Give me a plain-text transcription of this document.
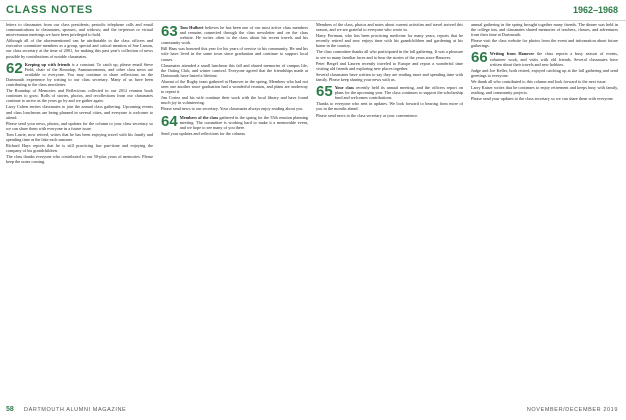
CLASS NOTES	1962–1968

letters to classmates from our class presidents; periodic telephone calls and email communications to classmates, spouses, and widows; and the in-person or virtual mini-reunion meetings we have been privileged to hold.

Although all of the aforementioned can be attributable to the class officers and executive committee members as a group, special and critical mention of Sue Larson, our class secretary at the time of 2001, for making this past year's collection of news possible by contributions of notable classmates.

62 Keeping up with friends is a constant. To catch up, please email Steve Field, chair of the Roundup, Announcements, and other class news are available to everyone. You may continue to share reflections on the Dartmouth experience by writing to our class secretary. Many of us have been contributing to the class newsletter.

The Roundup of Memories and Reflections collected in our 2012 reunion book continues to grow. Rolls of stories, photos, and recollections from our classmates continue to arrive as the years go by and we gather again.

Larry Cohen invites classmates to join the annual class gathering. Upcoming events and class luncheons are being planned in several cities, and everyone is welcome to attend.

Please send your news, photos, and updates for the column to your class secretary so we can share them with everyone in a future issue.

Tom Lawie, now retired, writes that he has been enjoying travel with his family and spending time at the lake each summer.

Richard Hays reports that he is still practicing law part-time and enjoying the company of his grandchildren.

The class thanks everyone who contributed to our 50-plus years of memories. Please keep the notes coming.

63 Tom Hulbert believes he has been one of our most active class members and remains connected through the class newsletter and on the class website. He writes often to the class about his recent travels and his community work.

Bill Haas was honored this year for his years of service to his community. He and his wife have lived in the same town since graduation and continue to support local causes.

Classmates attended a small luncheon this fall and shared memories of campus life, the Outing Club, and winter carnival. Everyone agreed that the friendships made at Dartmouth have lasted a lifetime.

Alumni of the Rugby team gathered at Hanover in the spring. Members who had not seen one another since graduation had a wonderful reunion, and plans are underway to repeat it.

Jim Cortez and his wife continue their work with the local library and have found much joy in volunteering.

Please send news to our secretary. Your classmates always enjoy reading about you.

64 Members of the class gathered in the spring for the 55th reunion planning meeting. The committee is working hard to make it a memorable event, and we hope to see many of you there.

Send your updates and reflections for the column.

Members of the class, photos and notes about current activities and travel arrived this season, and we are grateful to everyone who wrote in.

Harry Portman, who has been practicing medicine for many years, reports that he recently retired and now enjoys time with his grandchildren and gardening at his home in the country.

The class committee thanks all who participated in the fall gathering. It was a pleasure to see so many familiar faces and to hear the stories of the years since Hanover.

Peter Bergel and Lauren recently traveled to Europe and report a wonderful time visiting old friends and exploring new places together.

Several classmates have written to say they are reading more and spending time with family. Please keep sharing your news with us.

65 Your class recently held its annual meeting, and the officers report on plans for the upcoming year. The class continues to support the scholarship fund and welcomes contributions.

Thanks to everyone who sent in updates. We look forward to hearing from more of you in the months ahead.

Please send news to the class secretary at your convenience.

annual gathering in the spring brought together many friends. The dinner was held in the college inn, and classmates shared memories of teachers, classes, and adventures from their time at Dartmouth.

Please visit the class website for photos from the event and information about future gatherings.

66 Writing from Hanover the class reports a busy season of events, volunteer work, and visits with old friends. Several classmates have written about their travels and new hobbies.

Judge and Joe Keller, both retired, enjoyed catching up at the fall gathering and send greetings to everyone.

We thank all who contributed to this column and look forward to the next issue.

Larry Kaiser writes that he continues to enjoy retirement and keeps busy with family, reading, and community projects.

Please send your updates to the class secretary so we can share them with everyone.

58 DARTMOUTH ALUMNI MAGAZINE	NOVEMBER/DECEMBER 2019
